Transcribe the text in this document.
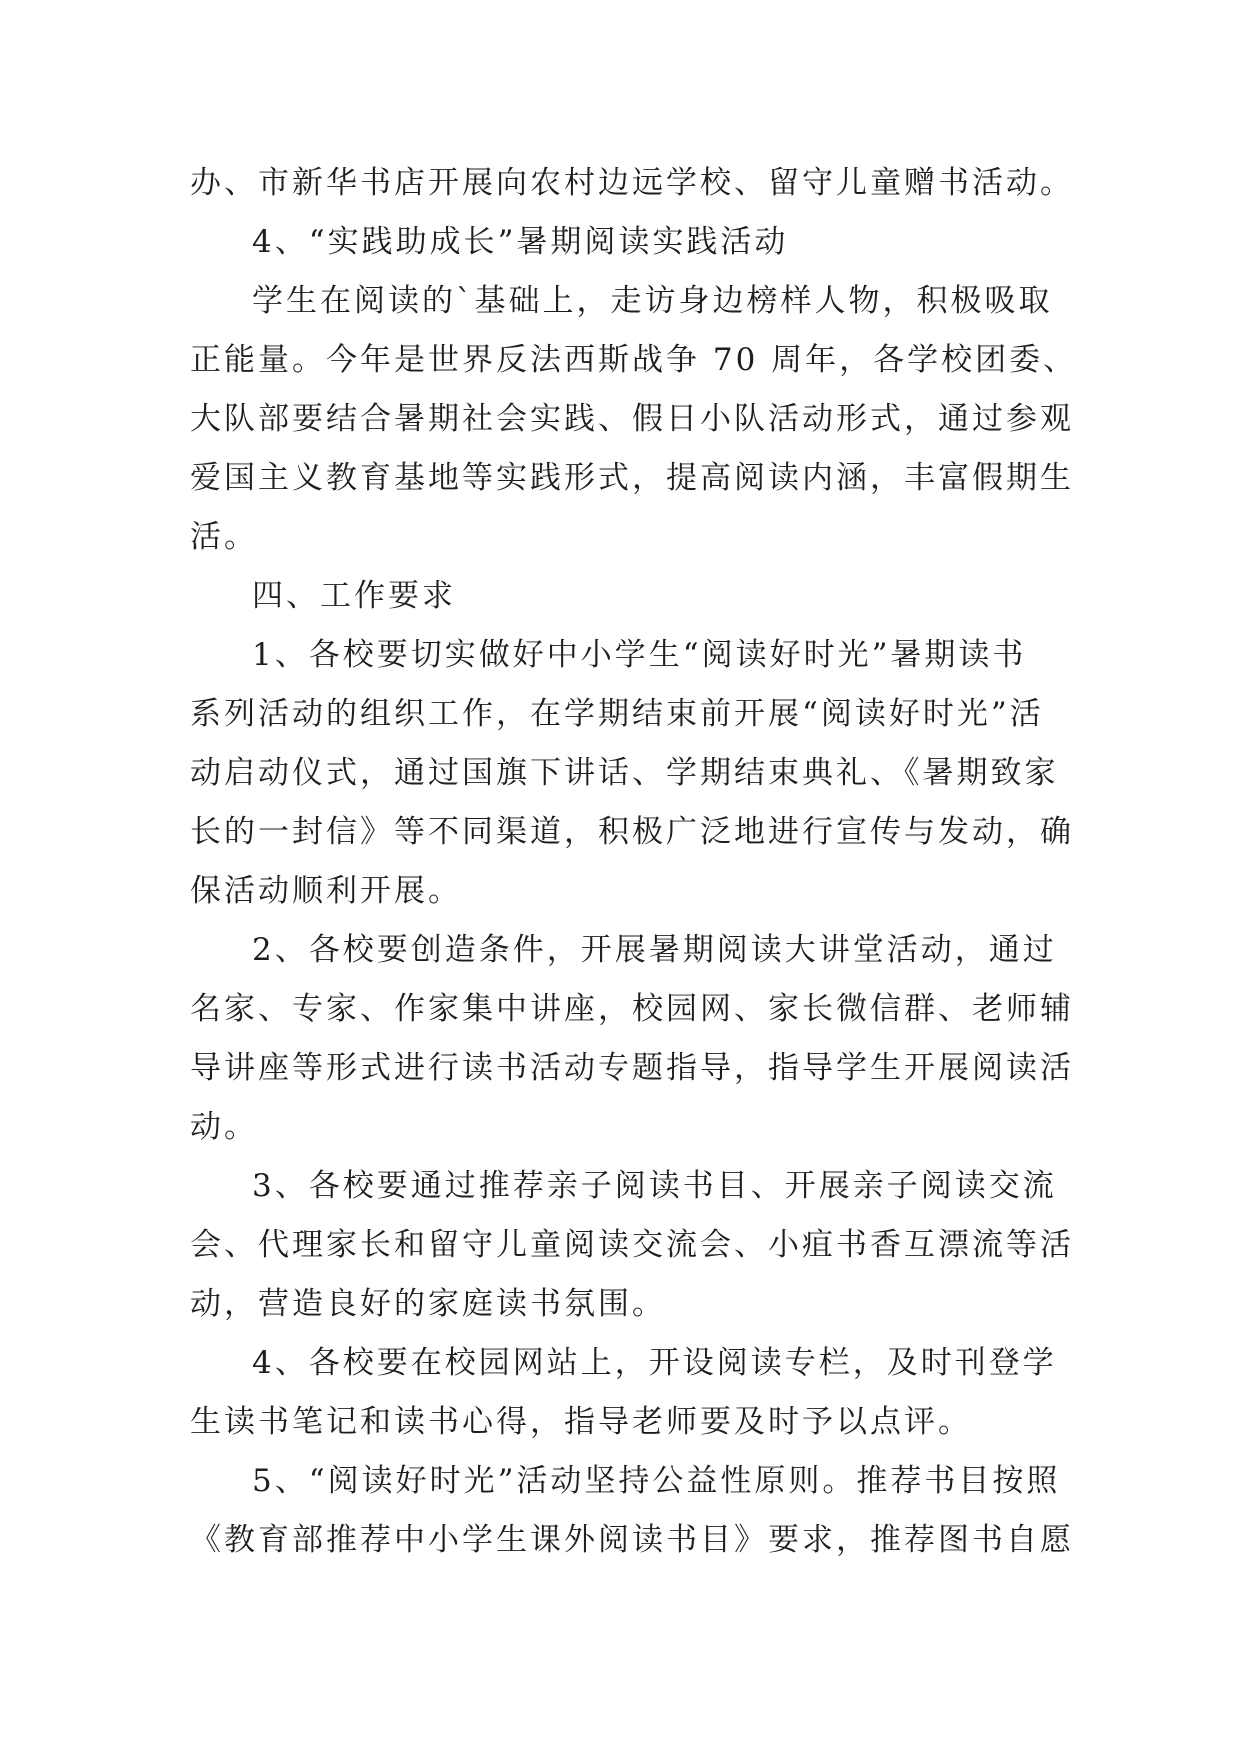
办、市新华书店开展向农村边远学校、留守儿童赠书活动。
4、“实践助成长”暑期阅读实践活动
学生在阅读的`基础上，走访身边榜样人物，积极吸取
正能量。今年是世界反法西斯战争 70 周年，各学校团委、
大队部要结合暑期社会实践、假日小队活动形式，通过参观
爱国主义教育基地等实践形式，提高阅读内涵，丰富假期生
活。
四、工作要求
1、各校要切实做好中小学生“阅读好时光”暑期读书
系列活动的组织工作，在学期结束前开展“阅读好时光”活
动启动仪式，通过国旗下讲话、学期结束典礼、《暑期致家
长的一封信》等不同渠道，积极广泛地进行宣传与发动，确
保活动顺利开展。
2、各校要创造条件，开展暑期阅读大讲堂活动，通过
名家、专家、作家集中讲座，校园网、家长微信群、老师辅
导讲座等形式进行读书活动专题指导，指导学生开展阅读活
动。
3、各校要通过推荐亲子阅读书目、开展亲子阅读交流
会、代理家长和留守儿童阅读交流会、小疽书香互漂流等活
动，营造良好的家庭读书氛围。
4、各校要在校园网站上，开设阅读专栏，及时刊登学
生读书笔记和读书心得，指导老师要及时予以点评。
5、“阅读好时光”活动坚持公益性原则。推荐书目按照
《教育部推荐中小学生课外阅读书目》要求，推荐图书自愿
